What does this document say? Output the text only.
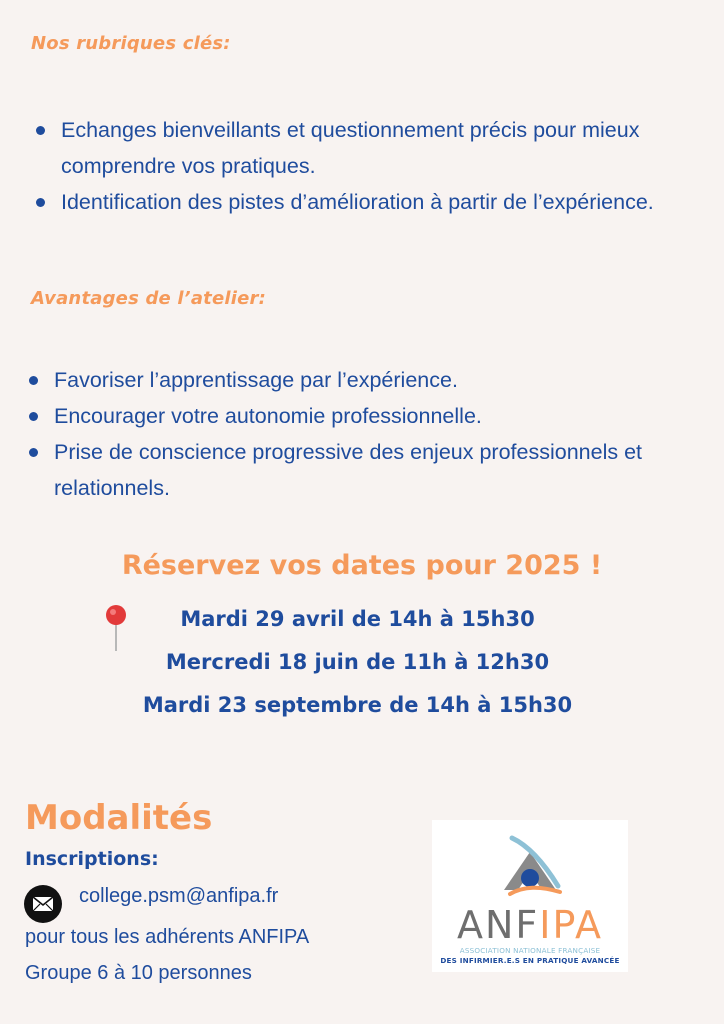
Nos rubriques clés:
Echanges bienveillants et questionnement précis pour mieux comprendre vos pratiques.
Identification des pistes d’amélioration à partir de l’expérience.
Avantages de l’atelier:
Favoriser l’apprentissage par l’expérience.
Encourager votre autonomie professionnelle.
Prise de conscience progressive des enjeux professionnels et relationnels.
Réservez vos dates pour 2025 !
Mardi 29 avril de 14h à 15h30
Mercredi 18 juin de 11h à 12h30
Mardi 23 septembre de 14h à 15h30
Modalités
Inscriptions:
college.psm@anfipa.fr
pour tous les adhérents ANFIPA
Groupe 6 à 10 personnes
ANFIPA
ASSOCIATION NATIONALE FRANÇAISE
DES INFIRMIER.E.S EN PRATIQUE AVANCÉE
